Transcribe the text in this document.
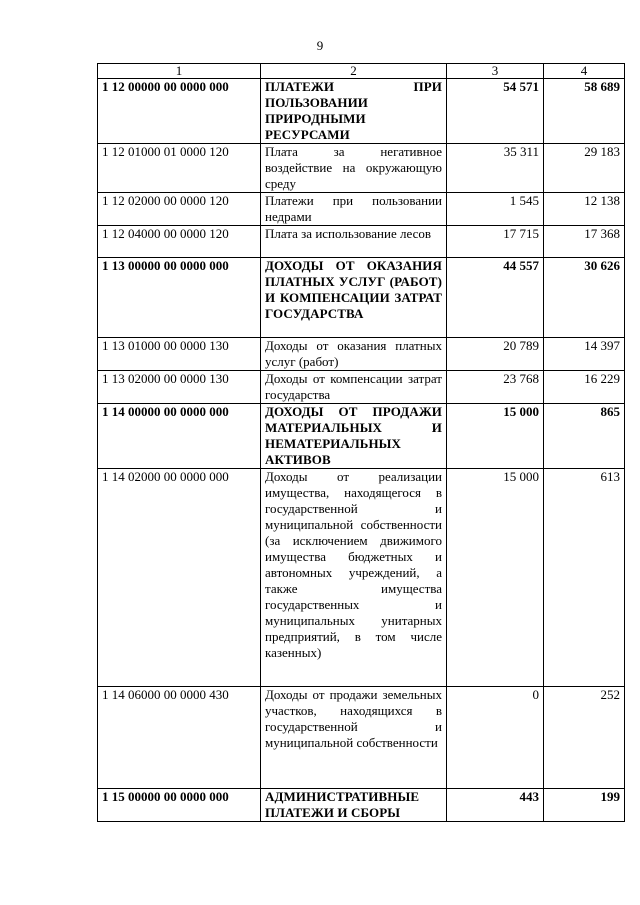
9
1	2	3	4
1 12 00000 00 0000 000	ПЛАТЕЖИ ПРИ ПОЛЬЗОВАНИИ ПРИРОДНЫМИ РЕСУРСАМИ	54 571	58 689
1 12 01000 01 0000 120	Плата за негативное воздействие на окружающую среду	35 311	29 183
1 12 02000 00 0000 120	Платежи при пользовании недрами	1 545	12 138
1 12 04000 00 0000 120	Плата за использование лесов	17 715	17 368
1 13 00000 00 0000 000	ДОХОДЫ ОТ ОКАЗАНИЯ ПЛАТНЫХ УСЛУГ (РАБОТ) И КОМПЕНСАЦИИ ЗАТРАТ ГОСУДАРСТВА	44 557	30 626
1 13 01000 00 0000 130	Доходы от оказания платных услуг (работ)	20 789	14 397
1 13 02000 00 0000 130	Доходы от компенсации затрат государства	23 768	16 229
1 14 00000 00 0000 000	ДОХОДЫ ОТ ПРОДАЖИ МАТЕРИАЛЬНЫХ И НЕМАТЕРИАЛЬНЫХ АКТИВОВ	15 000	865
1 14 02000 00 0000 000	Доходы от реализации имущества, находящегося в государственной и муниципальной собственности (за исключением движимого имущества бюджетных и автономных учреждений, а также имущества государственных и муниципальных унитарных предприятий, в том числе казенных)	15 000	613
1 14 06000 00 0000 430	Доходы от продажи земельных участков, находящихся в государственной и муниципальной собственности	0	252
1 15 00000 00 0000 000	АДМИНИСТРАТИВНЫЕ ПЛАТЕЖИ И СБОРЫ	443	199
